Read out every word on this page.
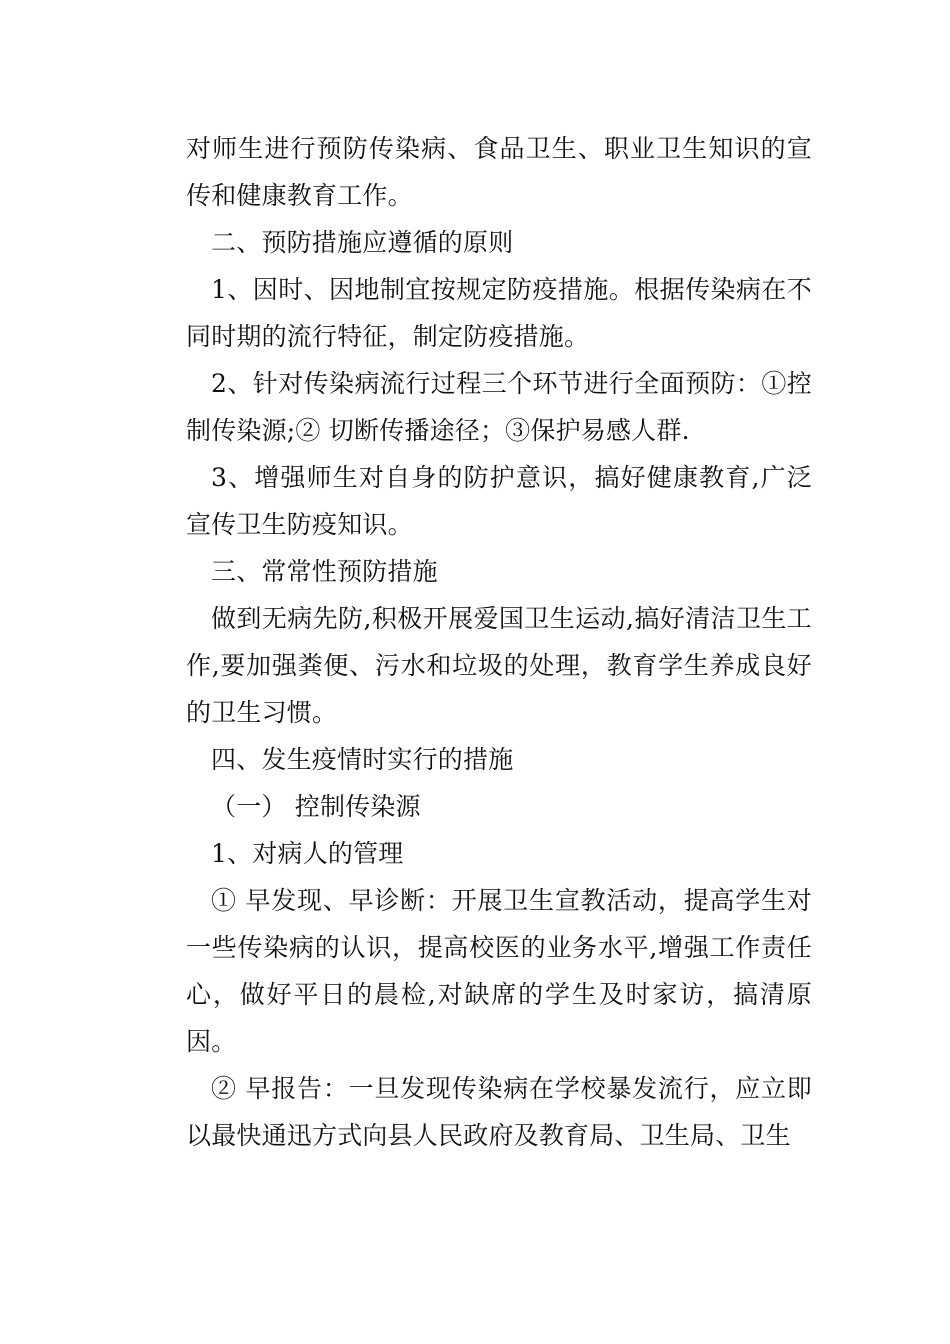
对师生进行预防传染病、食品卫生、职业卫生知识的宣传和健康教育工作。

二、预防措施应遵循的原则

1、因时、因地制宜按规定防疫措施。根据传染病在不同时期的流行特征，制定防疫措施。

2、针对传染病流行过程三个环节进行全面预防：①控制传染源;② 切断传播途径；③保护易感人群.

3、增强师生对自身的防护意识，搞好健康教育,广泛宣传卫生防疫知识。

三、常常性预防措施

做到无病先防,积极开展爱国卫生运动,搞好清洁卫生工作,要加强粪便、污水和垃圾的处理，教育学生养成良好的卫生习惯。

四、发生疫情时实行的措施

（一） 控制传染源

1、对病人的管理

① 早发现、早诊断：开展卫生宣教活动，提高学生对一些传染病的认识，提高校医的业务水平,增强工作责任心，做好平日的晨检,对缺席的学生及时家访，搞清原因。

② 早报告：一旦发现传染病在学校暴发流行，应立即以最快通迅方式向县人民政府及教育局、卫生局、卫生
